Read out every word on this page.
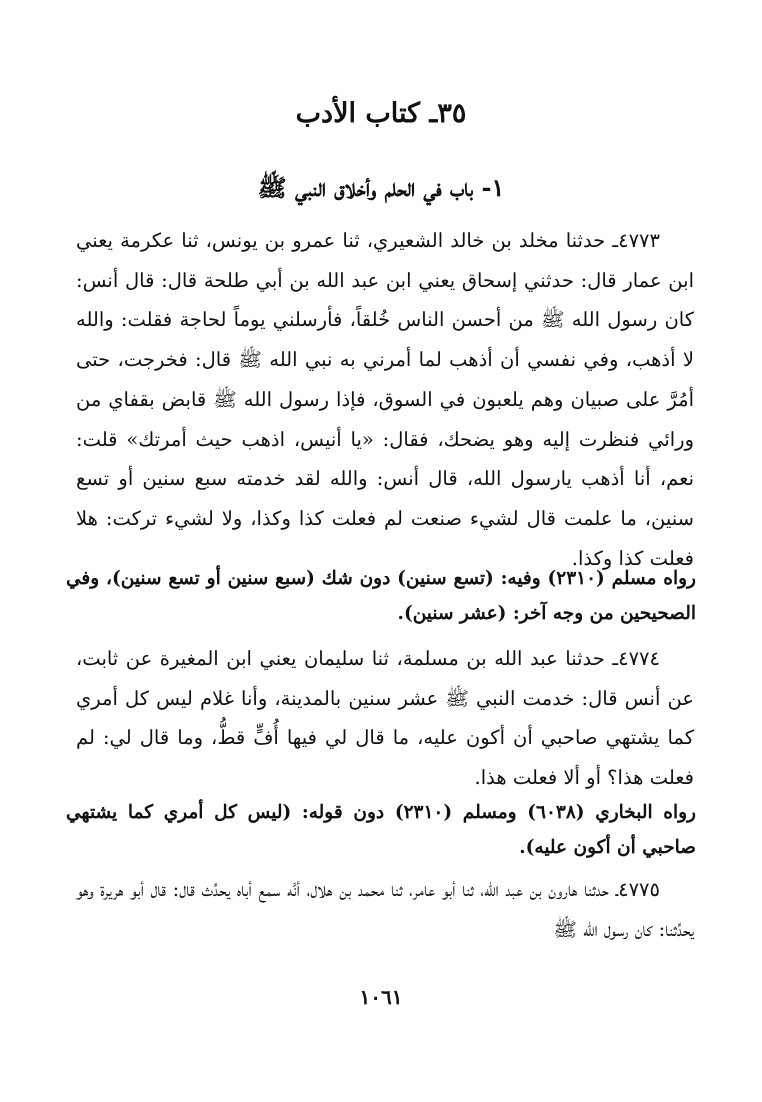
٣٥ـ كتاب الأدب
١- باب في الحلم وأخلاق النبي ﷺ

٤٧٧٣ـ حدثنا مخلد بن خالد الشعيري، ثنا عمرو بن يونس، ثنا عكرمة يعني ابن عمار قال: حدثني إسحاق يعني ابن عبد الله بن أبي طلحة قال: قال أنس: كان رسول الله ﷺ من أحسن الناس خُلقاً، فأرسلني يوماً لحاجة فقلت: والله لا أذهب، وفي نفسي أن أذهب لما أمرني به نبي الله ﷺ قال: فخرجت، حتى أمُرَّ على صبيان وهم يلعبون في السوق، فإذا رسول الله ﷺ قابض بقفاي من ورائي فنظرت إليه وهو يضحك، فقال: «يا أنيس، اذهب حيث أمرتك» قلت: نعم، أنا أذهب يارسول الله، قال أنس: والله لقد خدمته سبع سنين أو تسع سنين، ما علمت قال لشيء صنعت لم فعلت كذا وكذا، ولا لشيء تركت: هلا فعلت كذا وكذا.

رواه مسلم (٢٣١٠) وفيه: (تسع سنين) دون شك (سبع سنين أو تسع سنين)، وفي الصحيحين من وجه آخر: (عشر سنين).

٤٧٧٤ـ حدثنا عبد الله بن مسلمة، ثنا سليمان يعني ابن المغيرة عن ثابت، عن أنس قال: خدمت النبي ﷺ عشر سنين بالمدينة، وأنا غلام ليس كل أمري كما يشتهي صاحبي أن أكون عليه، ما قال لي فيها أُفٍّ قطُّ، وما قال لي: لم فعلت هذا؟ أو ألا فعلت هذا.

رواه البخاري (٦٠٣٨) ومسلم (٢٣١٠) دون قوله: (ليس كل أمري كما يشتهي صاحبي أن أكون عليه).

٤٧٧٥ـ حدثنا هارون بن عبد الله، ثنا أبو عامر، ثنا محمد بن هلال، أنَّه سمع أباه يحدِّث قال: قال أبو هريرة وهو يحدِّثنا: كان رسول الله ﷺ

١٠٦١
